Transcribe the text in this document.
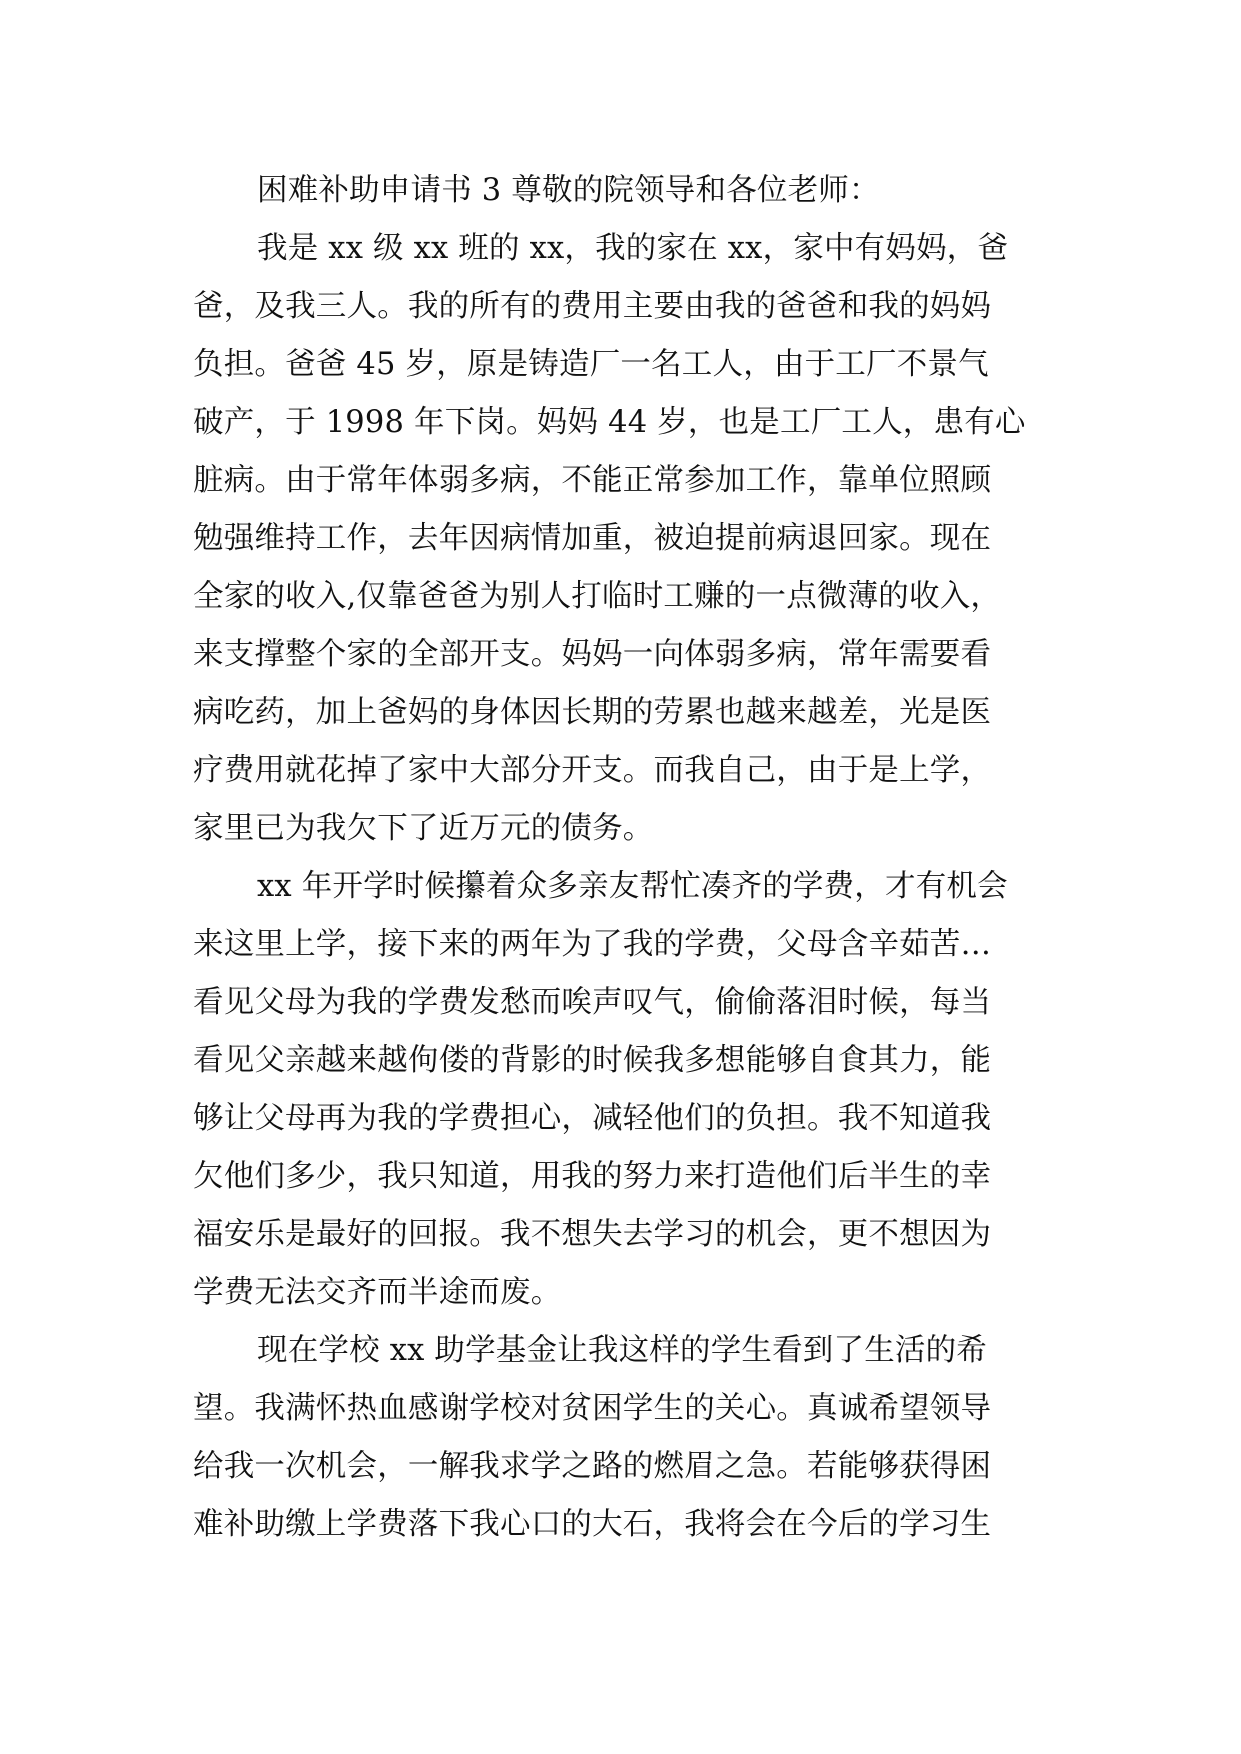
困难补助申请书 3 尊敬的院领导和各位老师：
我是 xx 级 xx 班的 xx，我的家在 xx，家中有妈妈，爸
爸，及我三人。我的所有的费用主要由我的爸爸和我的妈妈
负担。爸爸 45 岁，原是铸造厂一名工人，由于工厂不景气
破产，于 1998 年下岗。妈妈 44 岁，也是工厂工人，患有心
脏病。由于常年体弱多病，不能正常参加工作，靠单位照顾
勉强维持工作，去年因病情加重，被迫提前病退回家。现在
全家的收入,仅靠爸爸为别人打临时工赚的一点微薄的收入，
来支撑整个家的全部开支。妈妈一向体弱多病，常年需要看
病吃药，加上爸妈的身体因长期的劳累也越来越差，光是医
疗费用就花掉了家中大部分开支。而我自己，由于是上学，
家里已为我欠下了近万元的债务。
xx 年开学时候攥着众多亲友帮忙凑齐的学费，才有机会
来这里上学，接下来的两年为了我的学费，父母含辛茹苦…
看见父母为我的学费发愁而唉声叹气，偷偷落泪时候，每当
看见父亲越来越佝偻的背影的时候我多想能够自食其力，能
够让父母再为我的学费担心，减轻他们的负担。我不知道我
欠他们多少，我只知道，用我的努力来打造他们后半生的幸
福安乐是最好的回报。我不想失去学习的机会，更不想因为
学费无法交齐而半途而废。
现在学校 xx 助学基金让我这样的学生看到了生活的希
望。我满怀热血感谢学校对贫困学生的关心。真诚希望领导
给我一次机会，一解我求学之路的燃眉之急。若能够获得困
难补助缴上学费落下我心口的大石，我将会在今后的学习生
